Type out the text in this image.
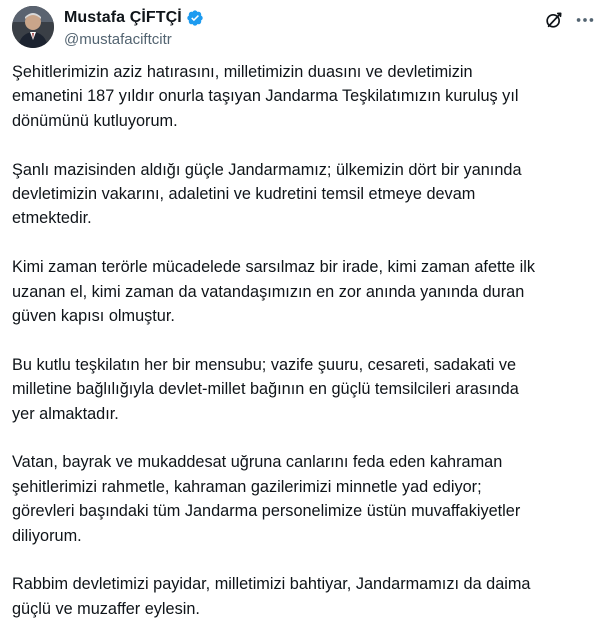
Mustafa ÇİFTÇİ
@mustafaciftcitr

Şehitlerimizin aziz hatırasını, milletimizin duasını ve devletimizin
emanetini 187 yıldır onurla taşıyan Jandarma Teşkilatımızın kuruluş yıl
dönümünü kutluyorum.

Şanlı mazisinden aldığı güçle Jandarmamız; ülkemizin dört bir yanında
devletimizin vakarını, adaletini ve kudretini temsil etmeye devam
etmektedir.

Kimi zaman terörle mücadelede sarsılmaz bir irade, kimi zaman afette ilk
uzanan el, kimi zaman da vatandaşımızın en zor anında yanında duran
güven kapısı olmuştur.

Bu kutlu teşkilatın her bir mensubu; vazife şuuru, cesareti, sadakati ve
milletine bağlılığıyla devlet-millet bağının en güçlü temsilcileri arasında
yer almaktadır.

Vatan, bayrak ve mukaddesat uğruna canlarını feda eden kahraman
şehitlerimizi rahmetle, kahraman gazilerimizi minnetle yad ediyor;
görevleri başındaki tüm Jandarma personelimize üstün muvaffakiyetler
diliyorum.

Rabbim devletimizi payidar, milletimizi bahtiyar, Jandarmamızı da daima
güçlü ve muzaffer eylesin.
